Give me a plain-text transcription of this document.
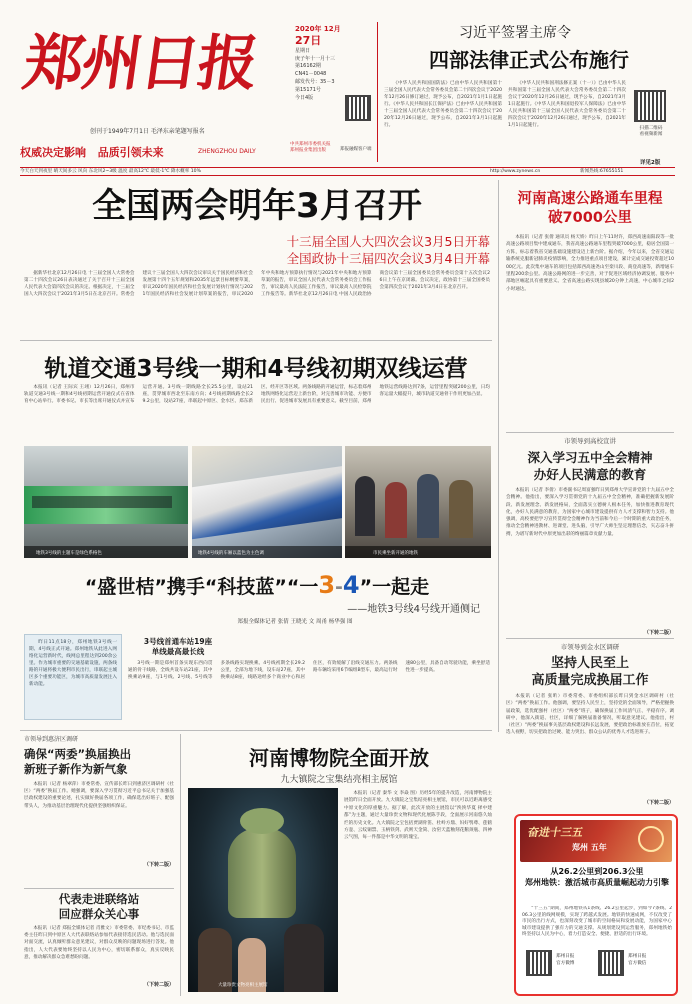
郑州日报
创刊于1949年7月1日 毛泽东亲笔题写报名
权威决定影响 品质引领未来	ZHENGZHOU DAILY
2020年 12月
27日
星期日
庚子年十一月十三
第16162期
CN41－0048
邮发代号：35－3
第15171号
今日4版
中共郑州市委机关报
郑州报业集团出版	郑报融媒客户端
习近平签署主席令
四部法律正式公布施行
《中华人民共和国国防法》已由中华人民共和国第十三届全国人民代表大会常务委员会第二十四次会议于2020年12月26日修订通过，现予公布，自2021年1月1日起施行。《中华人民共和国长江保护法》已由中华人民共和国第十三届全国人民代表大会常务委员会第二十四次会议于2020年12月26日通过，现予公布，自2021年3月1日起施行。
《中华人民共和国刑法修正案（十一）》已由中华人民共和国第十三届全国人民代表大会常务委员会第二十四次会议于2020年12月26日通过，现予公布，自2021年3月1日起施行。《中华人民共和国退役军人保障法》已由中华人民共和国第十三届全国人民代表大会常务委员会第二十四次会议于2020年12月26日通过，现予公布，自2021年1月1日起施行。
扫描二维码
看视频新闻
详见2版
今天白天到夜里 晴天间多云 风向 东北风2~3级 温度 最高12℃ 最低-1℃ 降水概率 10%	http://www.zynews.cn	新闻热线:67655151
全国两会明年3月召开
十三届全国人大四次会议3月5日开幕
全国政协十三届四次会议3月4日开幕
据新华社北京12月26日电 十三届全国人大常委会第二十四次会议26日表决通过了关于召开十三届全国人民代表大会第四次会议的决定。根据决定，十三届全国人大四次会议于2021年3月5日在北京召开。常委会建议十三届全国人大四次会议审议关于国民经济和社会发展第十四个五年规划和2035年远景目标纲要草案，审议2020年国民经济和社会发展计划执行情况与2021年国民经济和社会发展计划草案的报告，审议2020年中央和地方预算执行情况与2021年中央和地方预算草案的报告，审议全国人民代表大会常务委员会工作报告，审议最高人民法院工作报告，审议最高人民检察院工作报告等。新华社北京12月26日电 中国人民政治协商会议第十三届全国委员会常务委员会第十五次会议26日上午在京闭幕。会议决定，政协第十三届全国委员会第四次会议于2021年3月4日在北京召开。
河南高速公路通车里程破7000公里
本报讯（记者 张倩 通讯员 杨天娇）昨日上午11时许，郑西高速南阳段等一批高速公路项目集中建成通车，我省高速公路通车里程突破7000公里，稳居全国第一方阵，标志着我省交通基础设施建设迈上新台阶。据介绍，今年以来，全省交通运输系统克服新冠肺炎疫情影响，全力推进重点项目建设，累计完成交通投资超过1000亿元。此次集中通车的项目包括郑西高速尧山至栾川段、商登高速等，新增通车里程200余公里。高速公路网的进一步完善，对于促进区域经济协调发展、服务中部地区崛起具有重要意义。全省高速公路实现县城20分钟上高速，中心城市之间2小时通达。
轨道交通3号线一期和4号线初期双线运营
本报讯（记者 王际宾 王翊）12月26日，郑州市轨道交通3号线一期和4号线初期运营开通仪式在省体育中心站举行。市委书记、市长等出席开通仪式并宣布运营开通。3号线一期线路全长25.5公里，设站21座，贯穿城市西北至东南方向；4号线初期线路全长29.2公里，设站27座，串联起中原区、金水区、郑东新区、经开区等区域。两条线路的开通运营，标志着郑州地铁网络化运营迈上新台阶，对完善城市功能、方便市民出行、促进城市发展具有重要意义。截至目前，郑州地铁运营线路达到7条，运营里程突破200公里，日均客运量大幅提升，城市轨道交通骨干作用更加凸显。
地铁3号线的主题车是绿色系格色	地铁4号线的车厢以蓝色为主色调	市民乘坐新开通的地铁
“盛世桔”携手“科技蓝”“一3-4”一起走
——地铁3号线4号线开通侧记
郑报全媒体记者 张倩 王晓光 文 周甬 杨华强 图
昨日11点18分，郑州地铁3号线一期、4号线正式开通。郑州地铁从此进入网络化运营新时代，线网总里程达到200余公里。作为城市重要的交通基础设施，两条线路的开通将极大便利市民出行，串联起主城区多个重要功能区，为城市高质量发展注入新动能。
3号线首通车站19座
单线最高最长线
3号线一期是郑州首条实现东西向贯通的骨干线路，全线共设车站21座，其中换乘站9座，与1号线、2号线、5号线等多条线路实现换乘。4号线初期全长29.2公里，全部为地下线，设车站27座，其中换乘站8座，线路途经多个商业中心和居住区，有效缓解了沿线交通压力。两条线路车辆均采用6节编组B型车，最高运行时速80公里，具备自动驾驶功能，乘坐舒适性进一步提高。
市领导到高校宣讲
深入学习五中全会精神
办好人民满意的教育
本报讯（记者 李倩）市委副书记周富强昨日到郑州大学宣讲党的十九届五中全会精神。他指出，要深入学习贯彻党的十九届五中全会精神，准确把握新发展阶段、新发展理念、新发展格局，全面落实立德树人根本任务，加快推进教育现代化，办好人民满意的教育，为国家中心城市建设提供有力人才支撑和智力支持。他强调，高校要把学习宣传贯彻全会精神作为当前和今后一个时期的重大政治任务，推动全会精神进教材、进课堂、进头脑，引导广大师生坚定理想信念，矢志奋斗拼搏，为谱写新时代中原更加出彩的绚丽篇章贡献力量。
（下转二版）
市领导到金水区调研
坚持人民至上
高质量完成换届工作
本报讯（记者 张昕）市委常委、市委组织部长昨日到金水区调研村（社区）“两委”换届工作。他强调，要坚持人民至上，坚持党的全面领导，严格把握换届政策，选优配强村（社区）“两委”班子，确保换届工作风清气正、平稳有序。调研中，他深入街道、社区，详细了解换届准备情况，听取意见建议。他指出，村（社区）“两委”换届事关基层政权建设和长远发展，要把政治标准放在首位，拓宽选人视野，切实把政治过硬、能力突出、群众公认的优秀人才选进班子。
（下转二版）
市领导到惠济区调研
确保“两委”换届换出
新班子新作为新气象
本报讯（记者 杨翠萍）市委常委、宣传部长昨日到惠济区调研村（社区）“两委”换届工作。她强调，要深入学习贯彻习近平总书记关于加强基层政权建设的重要论述，扎实做好换届各项工作，确保选出好班子、配强带头人，为推动基层治理现代化提供坚强组织保证。
（下转二版）
代表走进联络站
回应群众关心事
本报讯（记者 郑报全媒体记者 肖雅文）市委常委、市纪委书记、市监委主任昨日到中原区人大代表联络站参加代表接待选民活动。他与选民面对面交流，认真倾听群众意见建议，对群众反映的问题现场进行答复。他指出，人大代表要始终坚持以人民为中心，密切联系群众，真实反映民意，推动解决群众急难愁盼问题。
（下转二版）
河南博物院全面开放
九大镇院之宝集结亮相主展馆
大量珍贵文物亮相主展馆
本报讯（记者 秦华 文 李焱 图）历经5年的提升改造，河南博物院主展馆昨日全面开放。九大镇院之宝集结亮相主展馆，市民可以近距离感受中原文化的厚重魅力。据了解，此次开放的主展馆以“泱泱华夏 择中建都”为主题，通过大量珍贵文物和现代化展陈手段，全面展示河南悠久灿烂的历史文化。九大镇院之宝包括贾湖骨笛、杜岭方鼎、妇好鸮尊、莲鹤方壶、云纹铜禁、玉柄铁剑、武则天金简、汝窑天蓝釉刻花鹅颈瓶、四神云气图，每一件都是中华文明的瑰宝。	奋进十三五
郑州 五年
从26.2公里到206.3公里
郑州地铁：激活城市高质量崛起动力引擎
“十三五”期间，郑州地铁从1条线、26.2公里起步，到如今7条线、206.3公里的线网规模，实现了跨越式发展。地铁的快速成网，不仅改变了市民的出行方式，也深刻改变了城市的空间格局和发展动能，为国家中心城市建设提供了强有力的交通支撑。从规划建设到运营服务，郑州地铁始终坚持以人民为中心，着力打造安全、便捷、舒适的出行环境。
郑州日报
官方微博
郑州日报
官方微信
